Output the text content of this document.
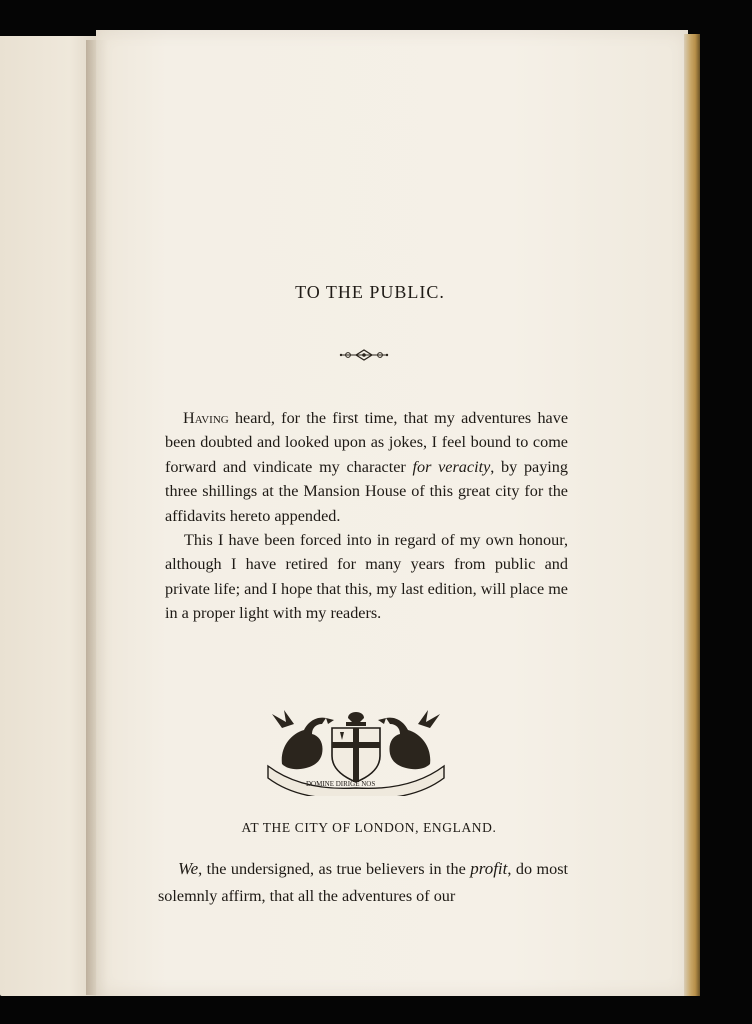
TO THE PUBLIC.

Having heard, for the first time, that my adventures have been doubted and looked upon as jokes, I feel bound to come forward and vindicate my character for veracity, by paying three shillings at the Mansion House of this great city for the affidavits hereto appended.

This I have been forced into in regard of my own honour, although I have retired for many years from public and private life; and I hope that this, my last edition, will place me in a proper light with my readers.

DOMINE DIRIGE NOS
AT THE CITY OF LONDON, ENGLAND.

We, the undersigned, as true believers in the profit, do most solemnly affirm, that all the adventures of our
